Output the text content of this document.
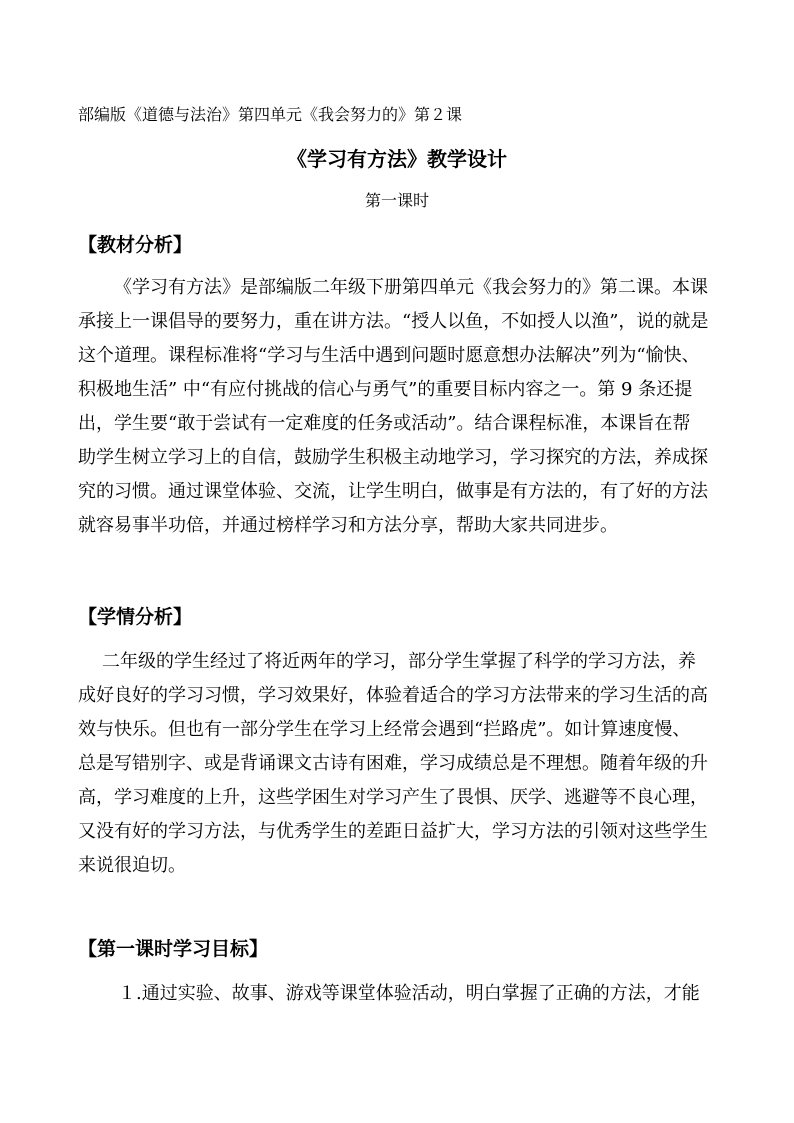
部编版《道德与法治》第四单元《我会努力的》第２课
《学习有方法》教学设计
第一课时
【教材分析】
《学习有方法》是部编版二年级下册第四单元《我会努力的》第二课。本课
承接上一课倡导的要努力，重在讲方法。“授人以鱼，不如授人以渔”，说的就是
这个道理。课程标准将“学习与生活中遇到问题时愿意想办法解决”列为“愉快、
积极地生活” 中“有应付挑战的信心与勇气”的重要目标内容之一。第 9 条还提
出，学生要“敢于尝试有一定难度的任务或活动”。结合课程标准，本课旨在帮
助学生树立学习上的自信，鼓励学生积极主动地学习，学习探究的方法，养成探
究的习惯。通过课堂体验、交流，让学生明白，做事是有方法的，有了好的方法
就容易事半功倍，并通过榜样学习和方法分享，帮助大家共同进步。
【学情分析】
二年级的学生经过了将近两年的学习，部分学生掌握了科学的学习方法，养
成好良好的学习习惯，学习效果好，体验着适合的学习方法带来的学习生活的高
效与快乐。但也有一部分学生在学习上经常会遇到“拦路虎”。如计算速度慢、
总是写错别字、或是背诵课文古诗有困难，学习成绩总是不理想。随着年级的升
高，学习难度的上升，这些学困生对学习产生了畏惧、厌学、逃避等不良心理，
又没有好的学习方法，与优秀学生的差距日益扩大，学习方法的引领对这些学生
来说很迫切。
【第一课时学习目标】
１.通过实验、故事、游戏等课堂体验活动，明白掌握了正确的方法，才能
